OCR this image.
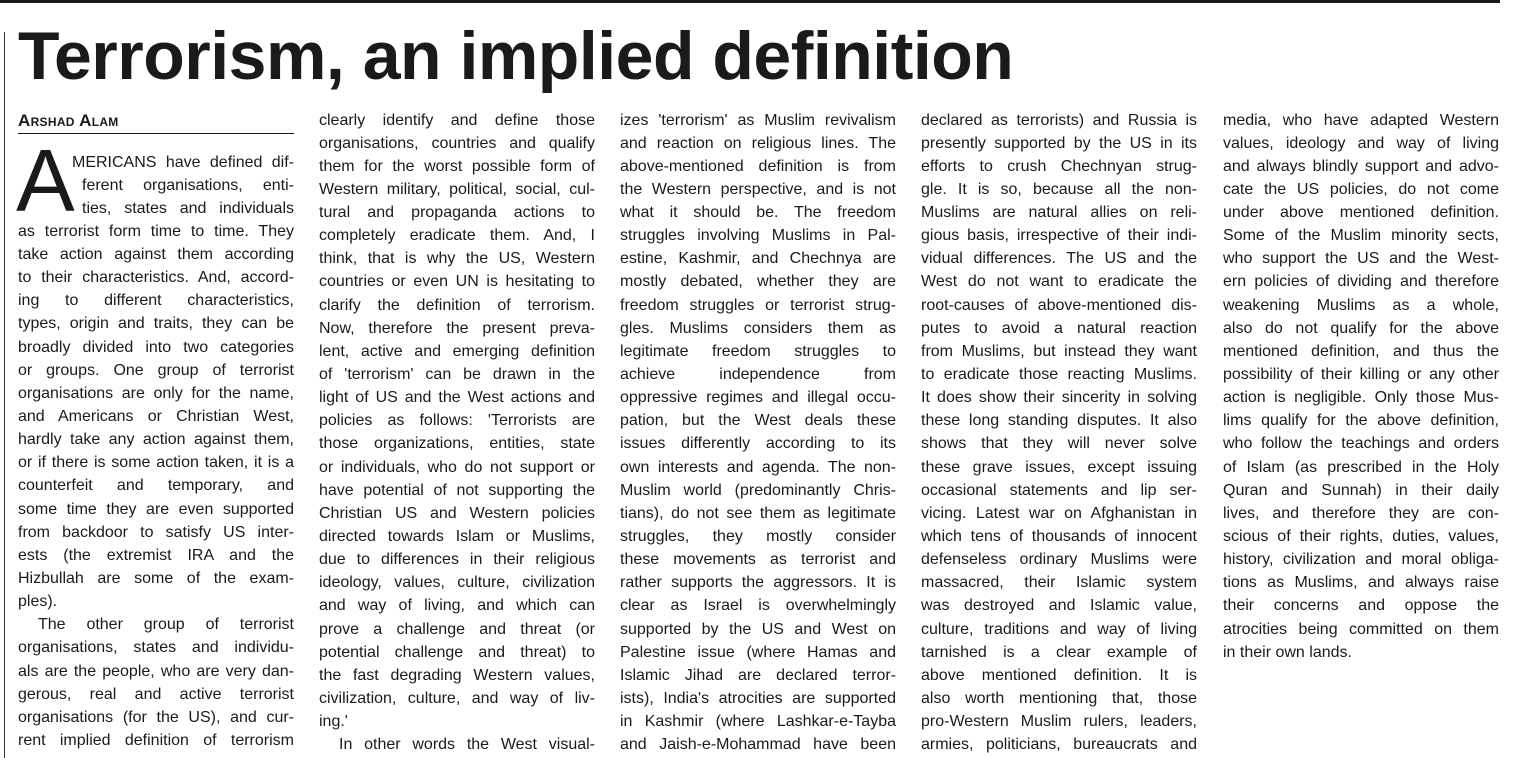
Terrorism, an implied definition
Arshad Alam
A
MERICANS have defined dif-
ferent organisations, enti-
ties, states and individuals
as terrorist form time to time. They
take action against them according
to their characteristics. And, accord-
ing to different characteristics,
types, origin and traits, they can be
broadly divided into two categories
or groups. One group of terrorist
organisations are only for the name,
and Americans or Christian West,
hardly take any action against them,
or if there is some action taken, it is a
counterfeit and temporary, and
some time they are even supported
from backdoor to satisfy US inter-
ests (the extremist IRA and the
Hizbullah are some of the exam-
ples).
The other group of terrorist
organisations, states and individu-
als are the people, who are very dan-
gerous, real and active terrorist
organisations (for the US), and cur-
rent implied definition of terrorism
clearly identify and define those
organisations, countries and qualify
them for the worst possible form of
Western military, political, social, cul-
tural and propaganda actions to
completely eradicate them. And, I
think, that is why the US, Western
countries or even UN is hesitating to
clarify the definition of terrorism.
Now, therefore the present preva-
lent, active and emerging definition
of 'terrorism' can be drawn in the
light of US and the West actions and
policies as follows: 'Terrorists are
those organizations, entities, state
or individuals, who do not support or
have potential of not supporting the
Christian US and Western policies
directed towards Islam or Muslims,
due to differences in their religious
ideology, values, culture, civilization
and way of living, and which can
prove a challenge and threat (or
potential challenge and threat) to
the fast degrading Western values,
civilization, culture, and way of liv-
ing.'
In other words the West visual-
izes 'terrorism' as Muslim revivalism
and reaction on religious lines. The
above-mentioned definition is from
the Western perspective, and is not
what it should be. The freedom
struggles involving Muslims in Pal-
estine, Kashmir, and Chechnya are
mostly debated, whether they are
freedom struggles or terrorist strug-
gles. Muslims considers them as
legitimate freedom struggles to
achieve independence from
oppressive regimes and illegal occu-
pation, but the West deals these
issues differently according to its
own interests and agenda. The non-
Muslim world (predominantly Chris-
tians), do not see them as legitimate
struggles, they mostly consider
these movements as terrorist and
rather supports the aggressors. It is
clear as Israel is overwhelmingly
supported by the US and West on
Palestine issue (where Hamas and
Islamic Jihad are declared terror-
ists), India's atrocities are supported
in Kashmir (where Lashkar-e-Tayba
and Jaish-e-Mohammad have been
declared as terrorists) and Russia is
presently supported by the US in its
efforts to crush Chechnyan strug-
gle. It is so, because all the non-
Muslims are natural allies on reli-
gious basis, irrespective of their indi-
vidual differences. The US and the
West do not want to eradicate the
root-causes of above-mentioned dis-
putes to avoid a natural reaction
from Muslims, but instead they want
to eradicate those reacting Muslims.
It does show their sincerity in solving
these long standing disputes. It also
shows that they will never solve
these grave issues, except issuing
occasional statements and lip ser-
vicing. Latest war on Afghanistan in
which tens of thousands of innocent
defenseless ordinary Muslims were
massacred, their Islamic system
was destroyed and Islamic value,
culture, traditions and way of living
tarnished is a clear example of
above mentioned definition. It is
also worth mentioning that, those
pro-Western Muslim rulers, leaders,
armies, politicians, bureaucrats and
media, who have adapted Western
values, ideology and way of living
and always blindly support and advo-
cate the US policies, do not come
under above mentioned definition.
Some of the Muslim minority sects,
who support the US and the West-
ern policies of dividing and therefore
weakening Muslims as a whole,
also do not qualify for the above
mentioned definition, and thus the
possibility of their killing or any other
action is negligible. Only those Mus-
lims qualify for the above definition,
who follow the teachings and orders
of Islam (as prescribed in the Holy
Quran and Sunnah) in their daily
lives, and therefore they are con-
scious of their rights, duties, values,
history, civilization and moral obliga-
tions as Muslims, and always raise
their concerns and oppose the
atrocities being committed on them
in their own lands.
